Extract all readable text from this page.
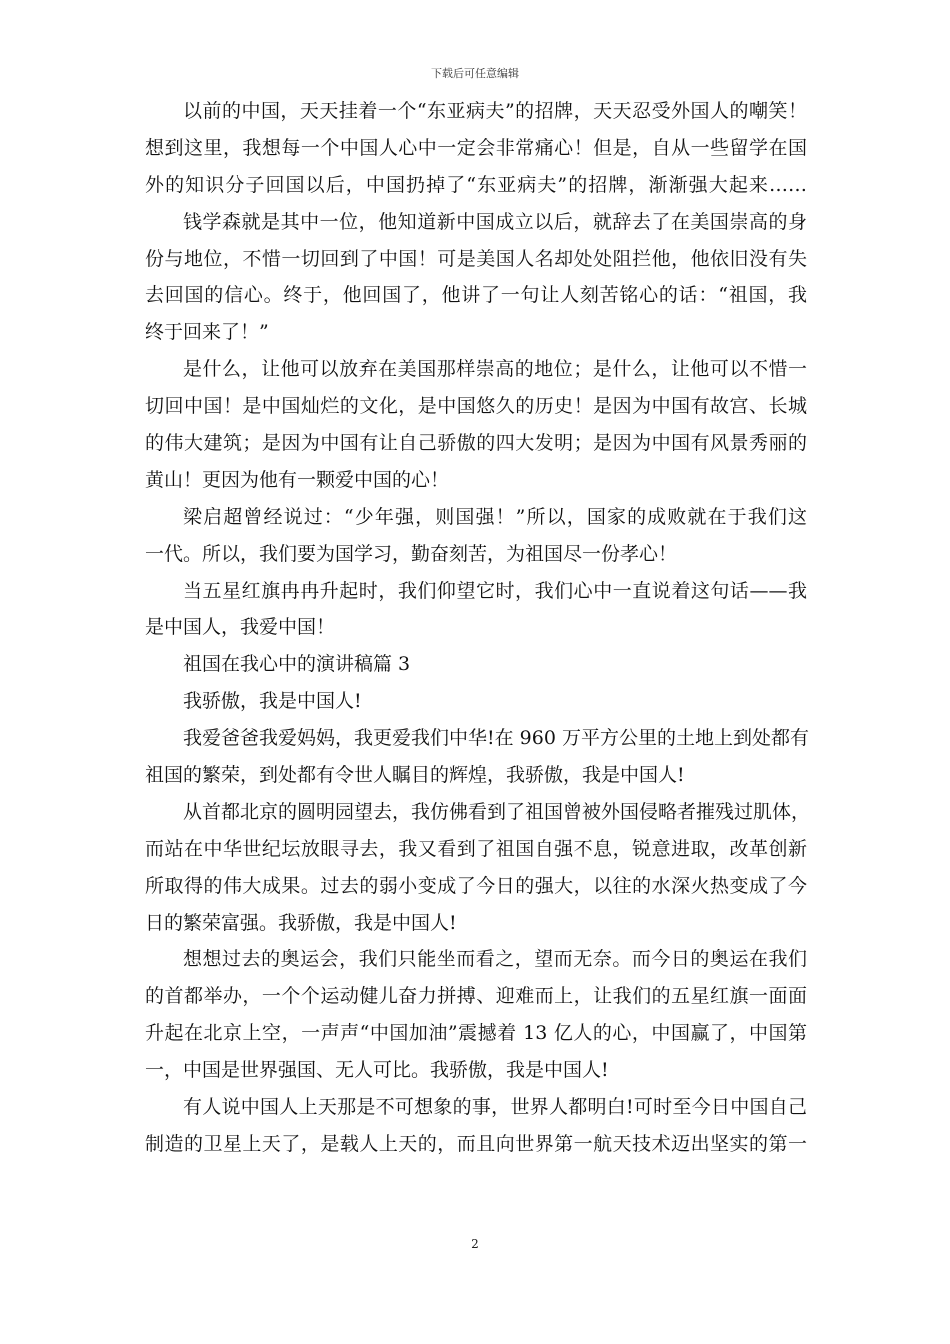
下载后可任意编辑
以前的中国，天天挂着一个“东亚病夫”的招牌，天天忍受外国人的嘲笑！
想到这里，我想每一个中国人心中一定会非常痛心！但是，自从一些留学在国
外的知识分子回国以后，中国扔掉了“东亚病夫”的招牌，渐渐强大起来……
钱学森就是其中一位，他知道新中国成立以后，就辞去了在美国崇高的身
份与地位，不惜一切回到了中国！可是美国人名却处处阻拦他，他依旧没有失
去回国的信心。终于，他回国了，他讲了一句让人刻苦铭心的话：“祖国，我
终于回来了！”
是什么，让他可以放弃在美国那样崇高的地位；是什么，让他可以不惜一
切回中国！是中国灿烂的文化，是中国悠久的历史！是因为中国有故宫、长城
的伟大建筑；是因为中国有让自己骄傲的四大发明；是因为中国有风景秀丽的
黄山！更因为他有一颗爱中国的心！
梁启超曾经说过：“少年强，则国强！”所以，国家的成败就在于我们这
一代。所以，我们要为国学习，勤奋刻苦，为祖国尽一份孝心！
当五星红旗冉冉升起时，我们仰望它时，我们心中一直说着这句话——我
是中国人，我爱中国！
祖国在我心中的演讲稿篇 3
我骄傲，我是中国人!
我爱爸爸我爱妈妈，我更爱我们中华!在 960 万平方公里的土地上到处都有
祖国的繁荣，到处都有令世人瞩目的辉煌，我骄傲，我是中国人!
从首都北京的圆明园望去，我仿佛看到了祖国曾被外国侵略者摧残过肌体，
而站在中华世纪坛放眼寻去，我又看到了祖国自强不息，锐意进取，改革创新
所取得的伟大成果。过去的弱小变成了今日的强大，以往的水深火热变成了今
日的繁荣富强。我骄傲，我是中国人!
想想过去的奥运会，我们只能坐而看之，望而无奈。而今日的奥运在我们
的首都举办，一个个运动健儿奋力拼搏、迎难而上，让我们的五星红旗一面面
升起在北京上空，一声声“中国加油”震撼着 13 亿人的心，中国赢了，中国第
一，中国是世界强国、无人可比。我骄傲，我是中国人!
有人说中国人上天那是不可想象的事，世界人都明白!可时至今日中国自己
制造的卫星上天了，是载人上天的，而且向世界第一航天技术迈出坚实的第一
2
